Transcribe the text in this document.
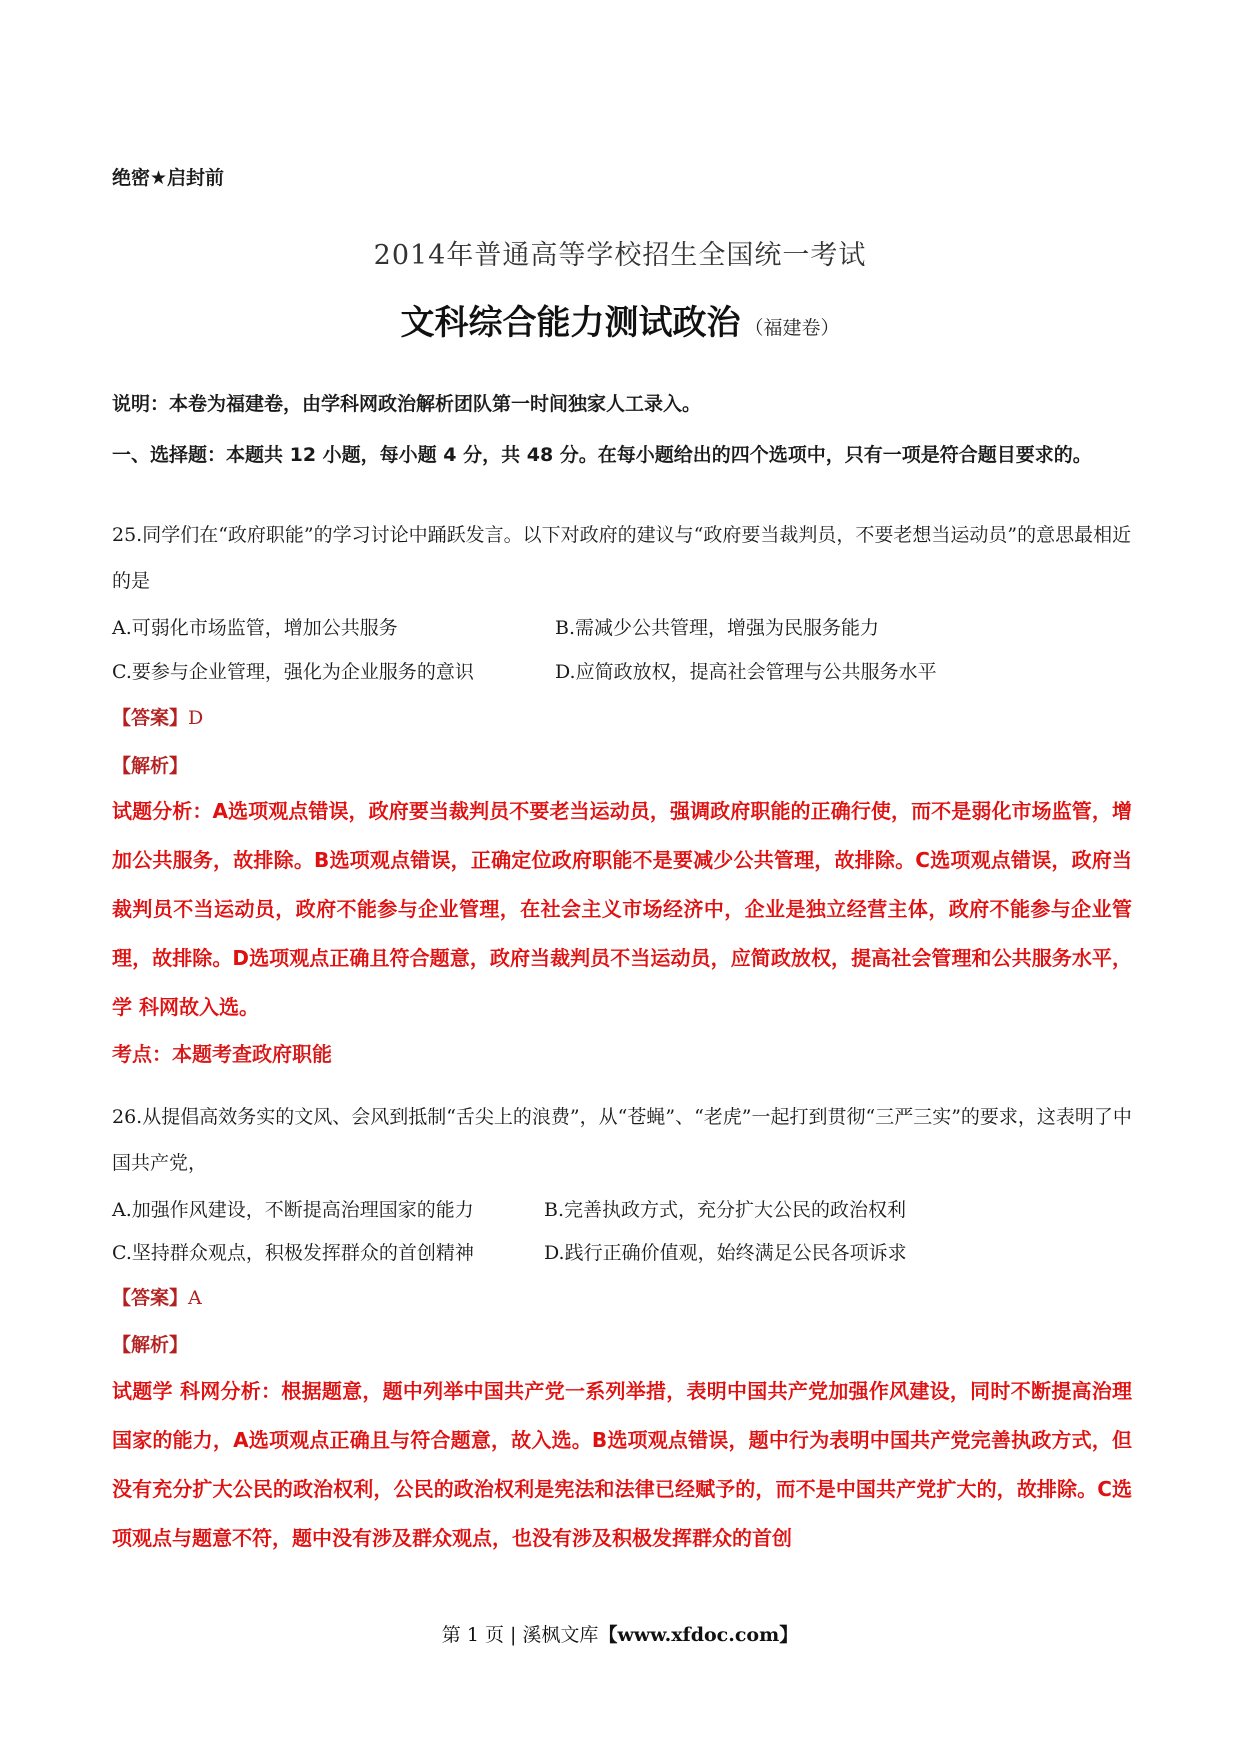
绝密★启封前
2014年普通高等学校招生全国统一考试
文科综合能力测试政治 （福建卷）
说明：本卷为福建卷，由学科网政治解析团队第一时间独家人工录入。
一、选择题：本题共 12 小题，每小题 4 分，共 48 分。在每小题给出的四个选项中，只有一项是符合题目要求的。
25.同学们在“政府职能”的学习讨论中踊跃发言。以下对政府的建议与“政府要当裁判员，不要老想当运动员”的意思最相近的是
A.可弱化市场监管，增加公共服务	B.需减少公共管理，增强为民服务能力
C.要参与企业管理，强化为企业服务的意识	D.应简政放权，提高社会管理与公共服务水平
【答案】D
【解析】
试题分析：A选项观点错误，政府要当裁判员不要老当运动员，强调政府职能的正确行使，而不是弱化市场监管，增加公共服务，故排除。B选项观点错误，正确定位政府职能不是要减少公共管理，故排除。C选项观点错误，政府当裁判员不当运动员，政府不能参与企业管理，在社会主义市场经济中，企业是独立经营主体，政府不能参与企业管理，故排除。D选项观点正确且符合题意，政府当裁判员不当运动员，应简政放权，提高社会管理和公共服务水平，学 科网故入选。
考点：本题考查政府职能
26.从提倡高效务实的文风、会风到抵制“舌尖上的浪费”，从“苍蝇”、“老虎”一起打到贯彻“三严三实”的要求，这表明了中国共产党，
A.加强作风建设，不断提高治理国家的能力	B.完善执政方式，充分扩大公民的政治权利
C.坚持群众观点，积极发挥群众的首创精神	D.践行正确价值观，始终满足公民各项诉求
【答案】A
【解析】
试题学 科网分析：根据题意，题中列举中国共产党一系列举措，表明中国共产党加强作风建设，同时不断提高治理国家的能力，A选项观点正确且与符合题意，故入选。B选项观点错误，题中行为表明中国共产党完善执政方式，但没有充分扩大公民的政治权利，公民的政治权利是宪法和法律已经赋予的，而不是中国共产党扩大的，故排除。C选项观点与题意不符，题中没有涉及群众观点，也没有涉及积极发挥群众的首创
第 1 页 | 溪枫文库【www.xfdoc.com】
